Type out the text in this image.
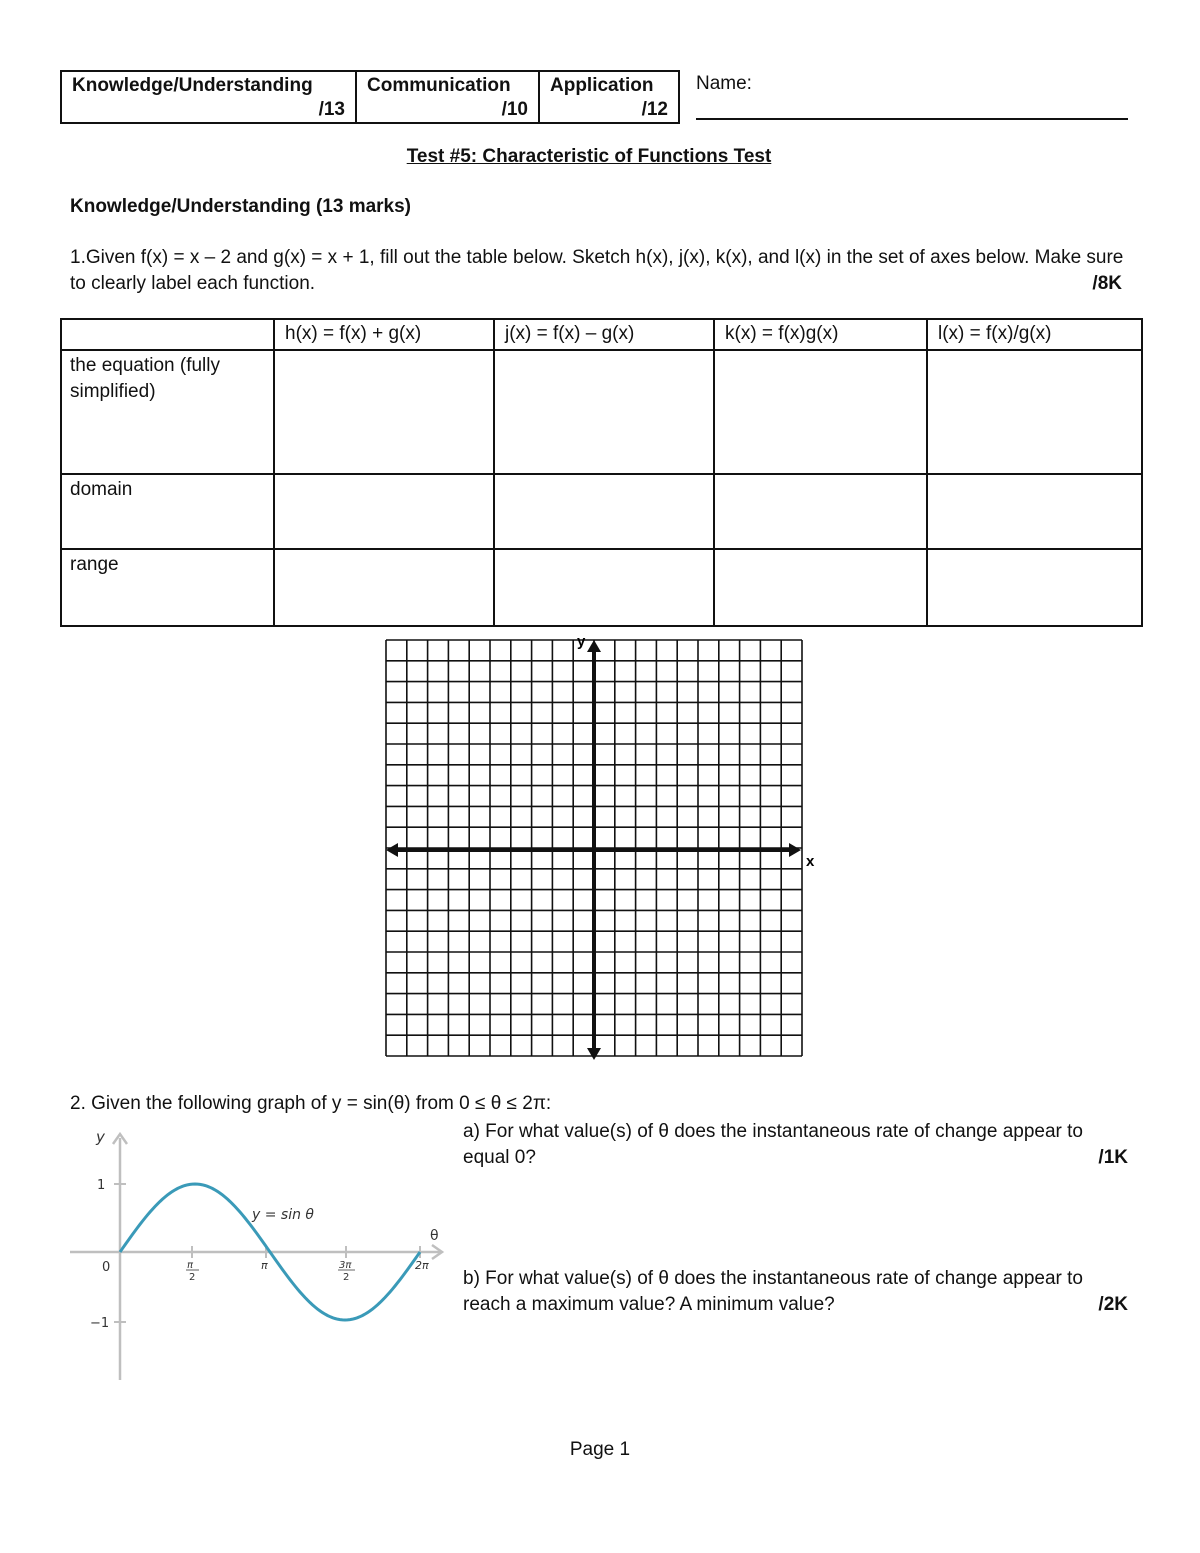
Knowledge/Understanding
/13

Communication
/10

Application
/12
Name:
Test #5: Characteristic of Functions Test
Knowledge/Understanding (13 marks)
1.Given f(x) = x – 2 and g(x) = x + 1, fill out the table below. Sketch h(x), j(x), k(x), and l(x) in the set of axes below. Make sure to clearly label each function.	/8K
	h(x) = f(x) + g(x)	j(x) = f(x) – g(x)	k(x) = f(x)g(x)	l(x) = f(x)/g(x)
the equation (fully simplified)				
domain				
range				
y
x
2. Given the following graph of y = sin(θ) from 0 ≤ θ ≤ 2π:
y
θ
y = sin θ
1
0
−1
π
2
π	3π
2
2π
a) For what value(s) of θ does the instantaneous rate of change appear to equal 0?	/1K
b) For what value(s) of θ does the instantaneous rate of change appear to reach a maximum value? A minimum value?	/2K
Page 1
